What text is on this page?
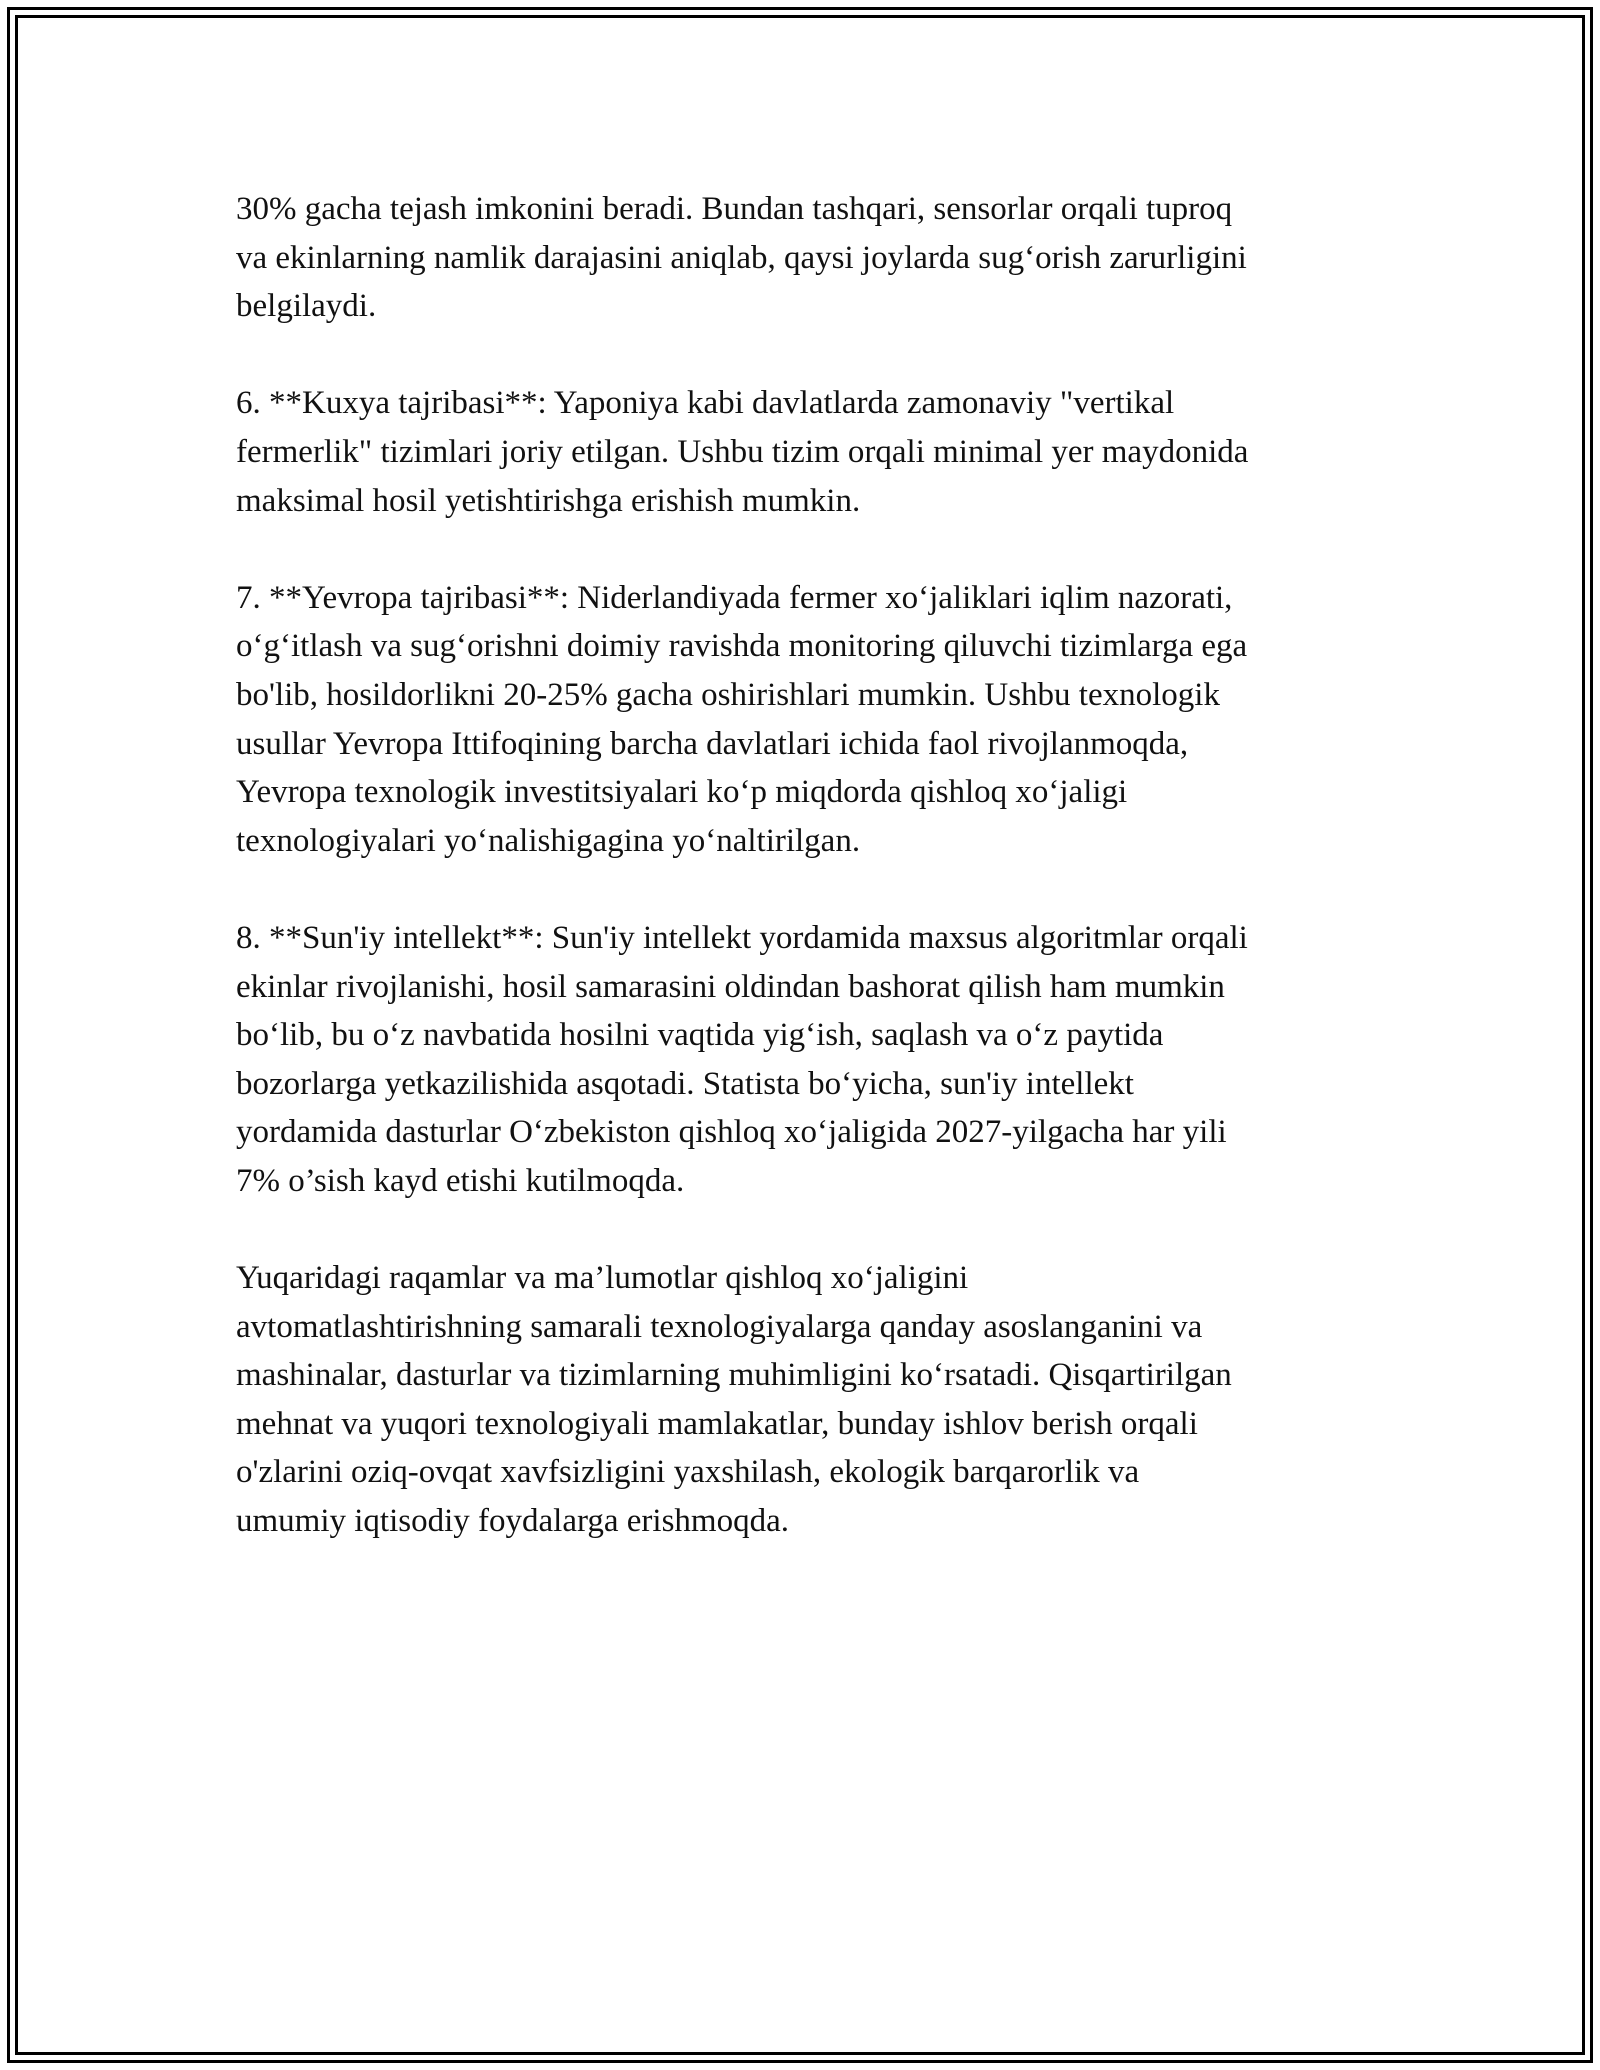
30% gacha tejash imkonini beradi. Bundan tashqari, sensorlar orqali tuproq
va ekinlarning namlik darajasini aniqlab, qaysi joylarda sug‘orish zarurligini
belgilaydi.
6. **Kuxya tajribasi**: Yaponiya kabi davlatlarda zamonaviy "vertikal
fermerlik" tizimlari joriy etilgan. Ushbu tizim orqali minimal yer maydonida
maksimal hosil yetishtirishga erishish mumkin.
7. **Yevropa tajribasi**: Niderlandiyada fermer xo‘jaliklari iqlim nazorati,
o‘g‘itlash va sug‘orishni doimiy ravishda monitoring qiluvchi tizimlarga ega
bo'lib, hosildorlikni 20-25% gacha oshirishlari mumkin. Ushbu texnologik
usullar Yevropa Ittifoqining barcha davlatlari ichida faol rivojlanmoqda,
Yevropa texnologik investitsiyalari ko‘p miqdorda qishloq xo‘jaligi
texnologiyalari yo‘nalishigagina yo‘naltirilgan.
8. **Sun'iy intellekt**: Sun'iy intellekt yordamida maxsus algoritmlar orqali
ekinlar rivojlanishi, hosil samarasini oldindan bashorat qilish ham mumkin
bo‘lib, bu o‘z navbatida hosilni vaqtida yig‘ish, saqlash va o‘z paytida
bozorlarga yetkazilishida asqotadi. Statista bo‘yicha, sun'iy intellekt
yordamida dasturlar O‘zbekiston qishloq xo‘jaligida 2027-yilgacha har yili
7% o’sish kayd etishi kutilmoqda.
Yuqaridagi raqamlar va ma’lumotlar qishloq xo‘jaligini
avtomatlashtirishning samarali texnologiyalarga qanday asoslanganini va
mashinalar, dasturlar va tizimlarning muhimligini ko‘rsatadi. Qisqartirilgan
mehnat va yuqori texnologiyali mamlakatlar, bunday ishlov berish orqali
o'zlarini oziq-ovqat xavfsizligini yaxshilash, ekologik barqarorlik va
umumiy iqtisodiy foydalarga erishmoqda.
